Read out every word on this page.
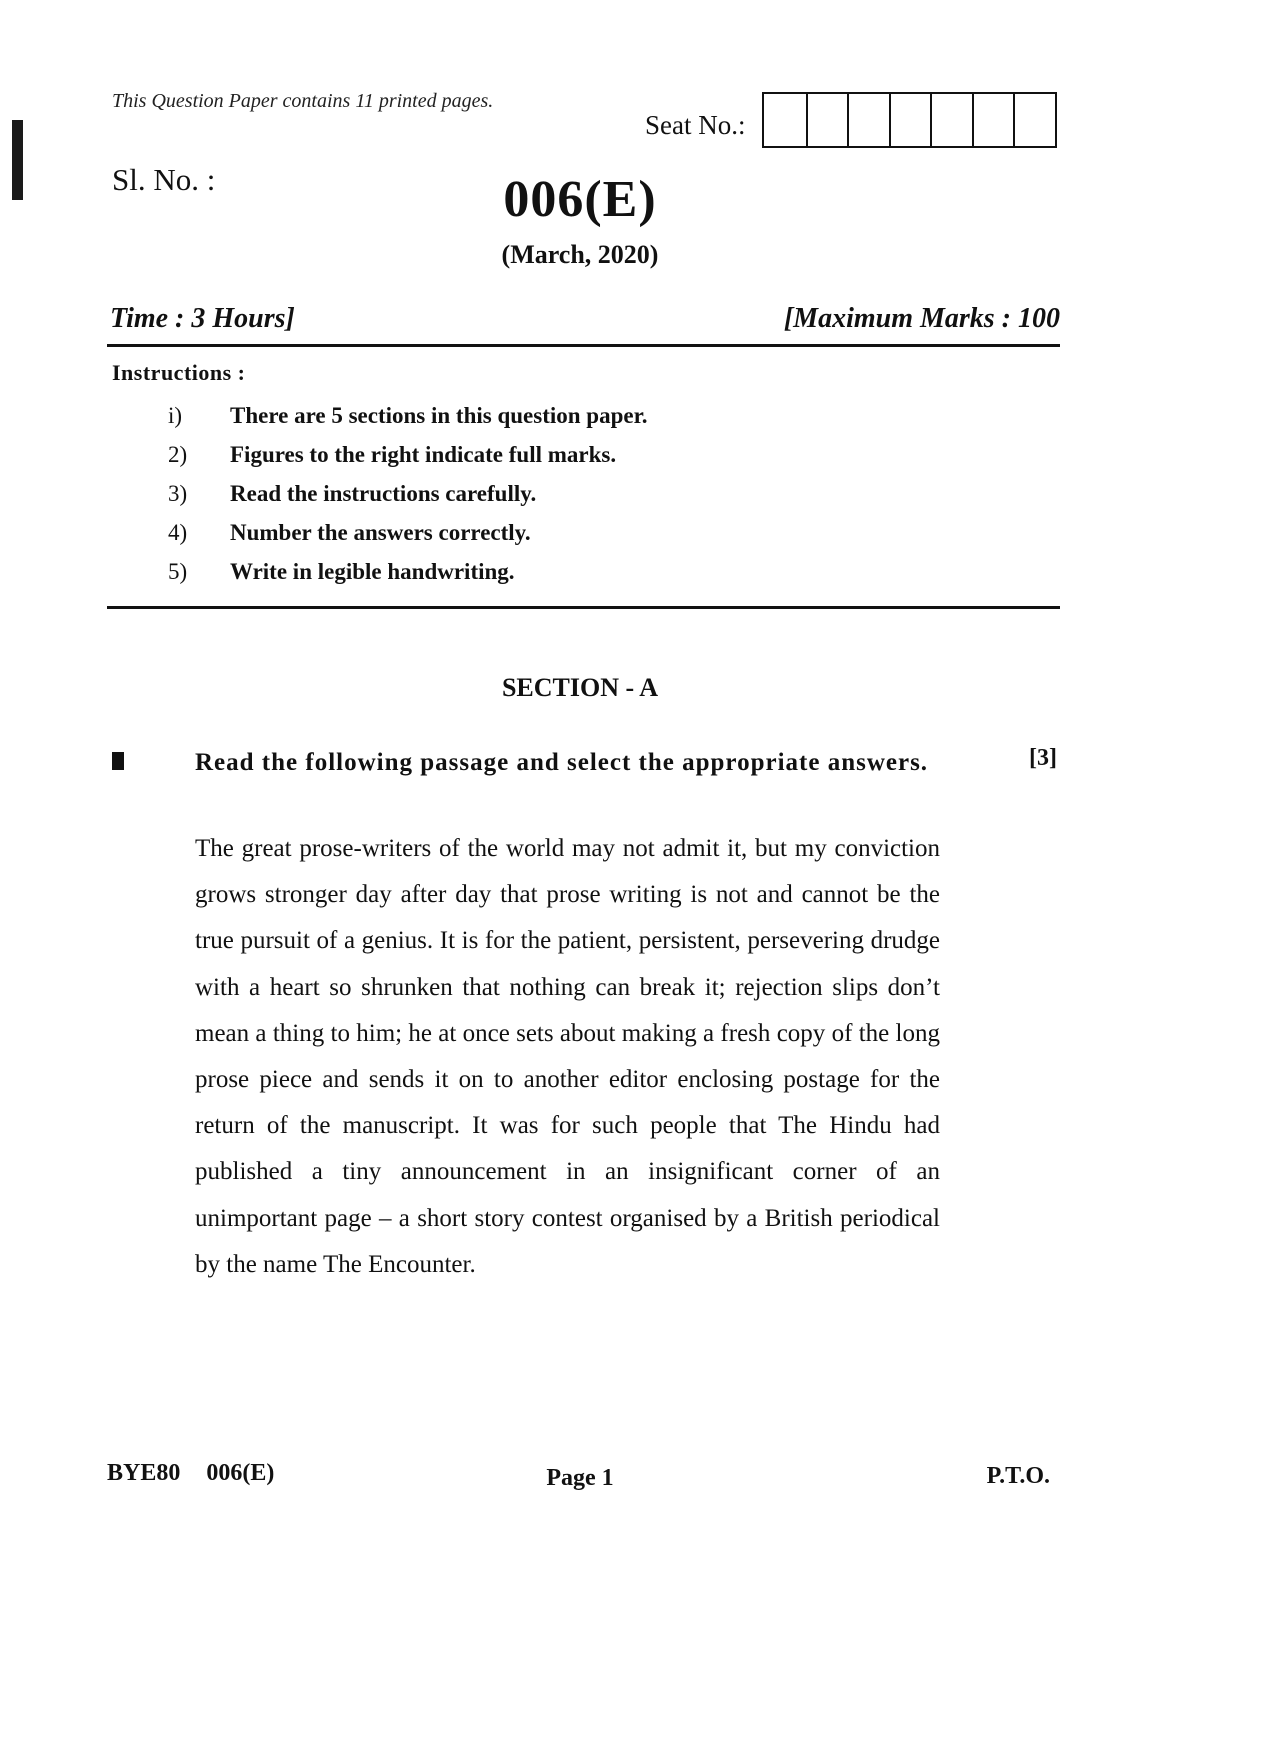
This Question Paper contains 11 printed pages.
Seat No.:
Sl. No. :	006(E)
(March, 2020)
Time : 3 Hours]	[Maximum Marks : 100
Instructions :
i)	There are 5 sections in this question paper.
2)	Figures to the right indicate full marks.
3)	Read the instructions carefully.
4)	Number the answers correctly.
5)	Write in legible handwriting.
SECTION - A
Read the following passage and select the appropriate answers.	[3]
The great prose-writers of the world may not admit it, but my conviction grows stronger day after day that prose writing is not and cannot be the true pursuit of a genius. It is for the patient, persistent, persevering drudge with a heart so shrunken that nothing can break it; rejection slips don’t mean a thing to him; he at once sets about making a fresh copy of the long prose piece and sends it on to another editor enclosing postage for the return of the manuscript. It was for such people that The Hindu had published a tiny announcement in an insignificant corner of an unimportant page – a short story contest organised by a British periodical by the name The Encounter.
BYE80 006(E)	Page 1	P.T.O.
